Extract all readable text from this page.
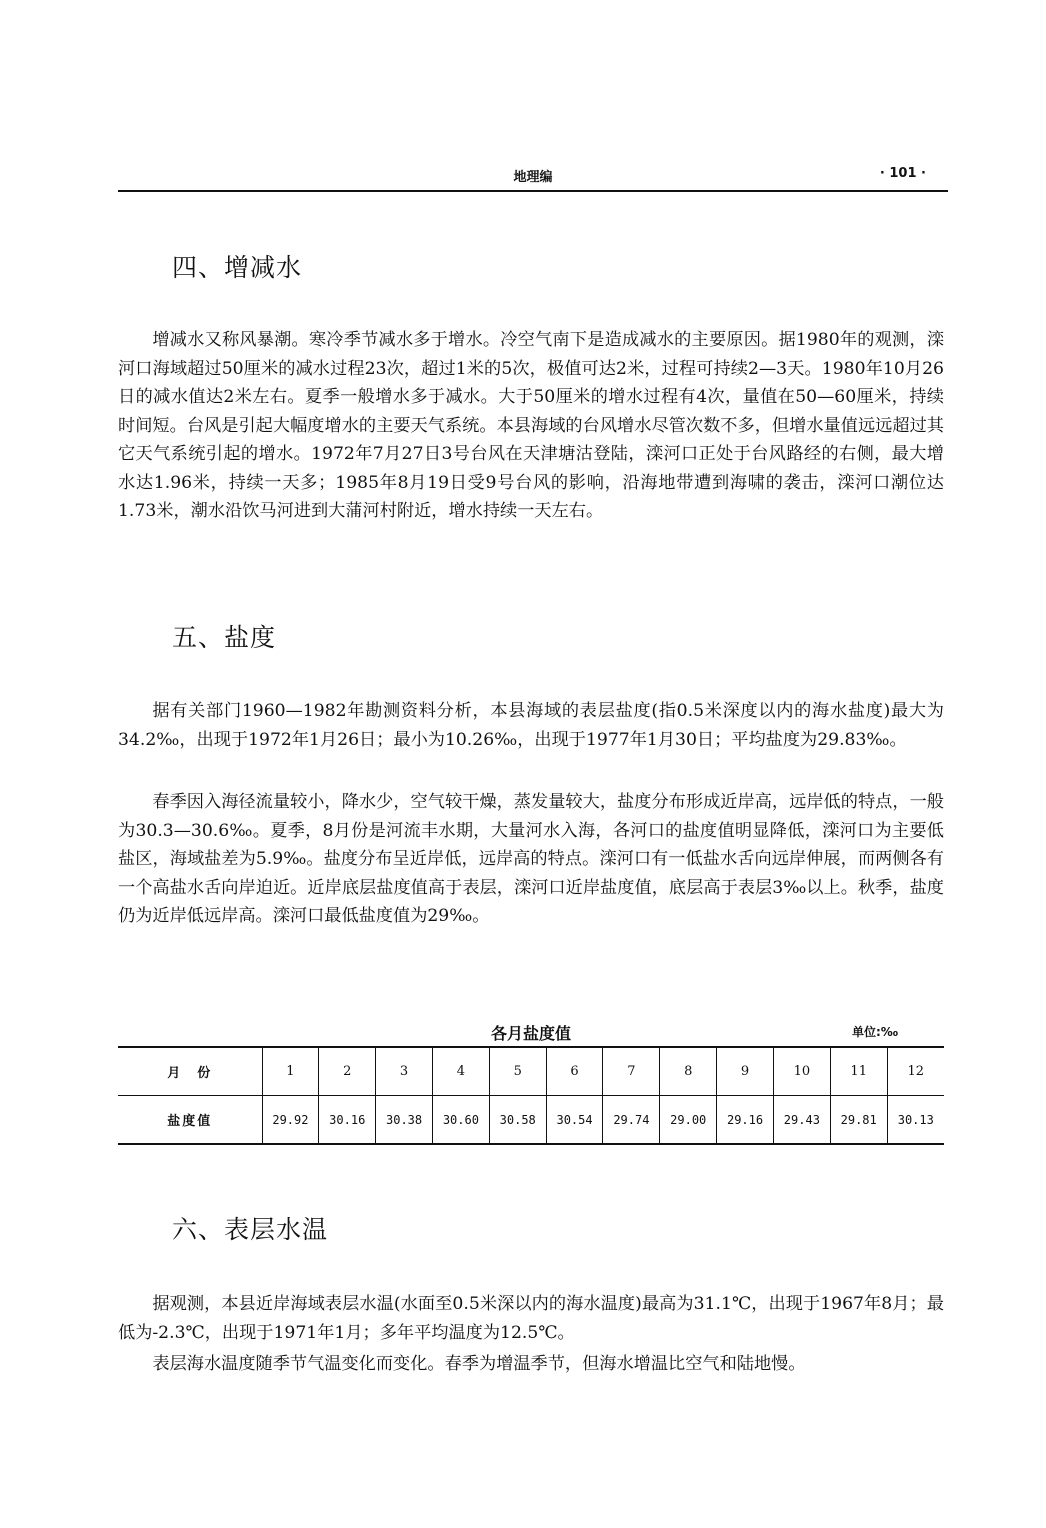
地理编	· 101 ·
四、增减水

增减水又称风暴潮。寒冷季节减水多于增水。冷空气南下是造成减水的主要原因。据1980年的观测，滦河口海域超过50厘米的减水过程23次，超过1米的5次，极值可达2米，过程可持续2—3天。1980年10月26日的减水值达2米左右。夏季一般增水多于减水。大于50厘米的增水过程有4次，量值在50—60厘米，持续时间短。台风是引起大幅度增水的主要天气系统。本县海域的台风增水尽管次数不多，但增水量值远远超过其它天气系统引起的增水。1972年7月27日3号台风在天津塘沽登陆，滦河口正处于台风路经的右侧，最大增水达1.96米，持续一天多；1985年8月19日受9号台风的影响，沿海地带遭到海啸的袭击，滦河口潮位达1.73米，潮水沿饮马河进到大蒲河村附近，增水持续一天左右。

五、盐度

据有关部门1960—1982年勘测资料分析，本县海域的表层盐度(指0.5米深度以内的海水盐度)最大为34.2‰，出现于1972年1月26日；最小为10.26‰，出现于1977年1月30日；平均盐度为29.83‰。

春季因入海径流量较小，降水少，空气较干燥，蒸发量较大，盐度分布形成近岸高，远岸低的特点，一般为30.3—30.6‰。夏季，8月份是河流丰水期，大量河水入海，各河口的盐度值明显降低，滦河口为主要低盐区，海域盐差为5.9‰。盐度分布呈近岸低，远岸高的特点。滦河口有一低盐水舌向远岸伸展，而两侧各有一个高盐水舌向岸迫近。近岸底层盐度值高于表层，滦河口近岸盐度值，底层高于表层3‰以上。秋季，盐度仍为近岸低远岸高。滦河口最低盐度值为29‰。

各月盐度值	单位:‰
月　份	1	2	3	4	5	6	7	8	9	10	11	12
盐度值	29.92	30.16	30.38	30.60	30.58	30.54	29.74	29.00	29.16	29.43	29.81	30.13
六、表层水温

据观测，本县近岸海域表层水温(水面至0.5米深以内的海水温度)最高为31.1℃，出现于1967年8月；最低为-2.3℃，出现于1971年1月；多年平均温度为12.5℃。

表层海水温度随季节气温变化而变化。春季为增温季节，但海水增温比空气和陆地慢。
